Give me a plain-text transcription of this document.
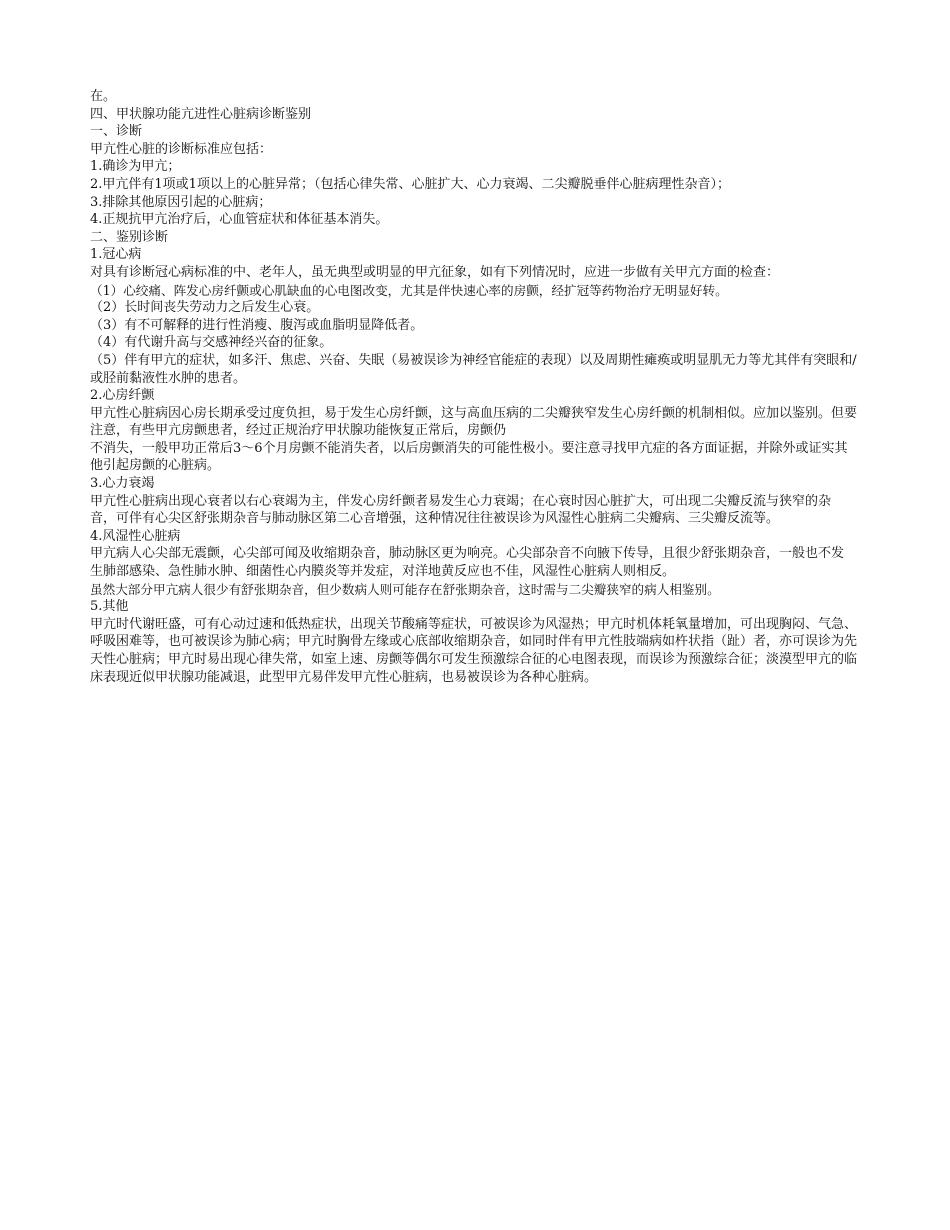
在。

四、甲状腺功能亢进性心脏病诊断鉴别

一、诊断

甲亢性心脏的诊断标准应包括：

1.确诊为甲亢；

2.甲亢伴有1项或1项以上的心脏异常；（包括心律失常、心脏扩大、心力衰竭、二尖瓣脱垂伴心脏病理性杂音）；

3.排除其他原因引起的心脏病；

4.正规抗甲亢治疗后，心血管症状和体征基本消失。

二、鉴别诊断

1.冠心病

对具有诊断冠心病标准的中、老年人，虽无典型或明显的甲亢征象，如有下列情况时，应进一步做有关甲亢方面的检查：

（1）心绞痛、阵发心房纤颤或心肌缺血的心电图改变，尤其是伴快速心率的房颤，经扩冠等药物治疗无明显好转。

（2）长时间丧失劳动力之后发生心衰。

（3）有不可解释的进行性消瘦、腹泻或血脂明显降低者。

（4）有代谢升高与交感神经兴奋的征象。

（5）伴有甲亢的症状，如多汗、焦虑、兴奋、失眠（易被误诊为神经官能症的表现）以及周期性瘫痪或明显肌无力等尤其伴有突眼和/或胫前黏液性水肿的患者。

2.心房纤颤

甲亢性心脏病因心房长期承受过度负担，易于发生心房纤颤，这与高血压病的二尖瓣狭窄发生心房纤颤的机制相似。应加以鉴别。但要注意，有些甲亢房颤患者，经过正规治疗甲状腺功能恢复正常后，房颤仍

不消失，一般甲功正常后3～6个月房颤不能消失者，以后房颤消失的可能性极小。要注意寻找甲亢症的各方面证据，并除外或证实其他引起房颤的心脏病。

3.心力衰竭

甲亢性心脏病出现心衰者以右心衰竭为主，伴发心房纤颤者易发生心力衰竭；在心衰时因心脏扩大，可出现二尖瓣反流与狭窄的杂音，可伴有心尖区舒张期杂音与肺动脉区第二心音增强，这种情况往往被误诊为风湿性心脏病二尖瓣病、三尖瓣反流等。

4.风湿性心脏病

甲亢病人心尖部无震颤，心尖部可闻及收缩期杂音，肺动脉区更为响亮。心尖部杂音不向腋下传导，且很少舒张期杂音，一般也不发生肺部感染、急性肺水肿、细菌性心内膜炎等并发症，对洋地黄反应也不佳，风湿性心脏病人则相反。

虽然大部分甲亢病人很少有舒张期杂音，但少数病人则可能存在舒张期杂音，这时需与二尖瓣狭窄的病人相鉴别。

5.其他

甲亢时代谢旺盛，可有心动过速和低热症状，出现关节酸痛等症状，可被误诊为风湿热；甲亢时机体耗氧量增加，可出现胸闷、气急、呼吸困难等，也可被误诊为肺心病；甲亢时胸骨左缘或心底部收缩期杂音，如同时伴有甲亢性肢端病如杵状指（趾）者，亦可误诊为先天性心脏病；甲亢时易出现心律失常，如室上速、房颤等偶尔可发生预激综合征的心电图表现，而误诊为预激综合征；淡漠型甲亢的临床表现近似甲状腺功能减退，此型甲亢易伴发甲亢性心脏病，也易被误诊为各种心脏病。
